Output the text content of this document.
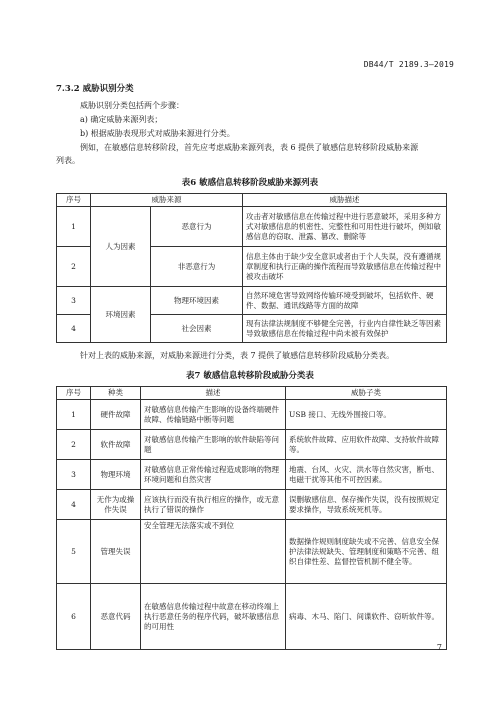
DB44/T 2189.3—2019
7.3.2 威胁识别分类
威胁识别分类包括两个步骤：
a) 确定威胁来源列表；
b) 根据威胁表现形式对威胁来源进行分类。
例如，在敏感信息转移阶段，首先应考虑威胁来源列表，表 6 提供了敏感信息转移阶段威胁来源
列表。
表6 敏感信息转移阶段威胁来源列表
序号	威胁来源		威胁描述
1	人为因素	恶意行为	攻击者对敏感信息在传输过程中进行恶意破坏，采用多种方式对敏感信息的机密性、完整性和可用性进行破坏，例如敏感信息的窃取、泄露、篡改、删除等
2		非恶意行为	信息主体由于缺少安全意识或者由于个人失误，没有遵循规章制度和执行正确的操作流程而导致敏感信息在传输过程中被攻击破坏
3	环境因素	物理环境因素	自然环境危害导致网络传输环境受到破坏，包括软件、硬件、数据、通讯线路等方面的故障
4		社会因素	现有法律法规制度不够健全完善，行业内自律性缺乏等因素导致敏感信息在传输过程中尚未被有效保护
针对上表的威胁来源，对威胁来源进行分类，表 7 提供了敏感信息转移阶段威胁分类表。
表7 敏感信息转移阶段威胁分类表
序号	种类	描述	威胁子类
1	硬件故障	对敏感信息传输产生影响的设备终端硬件故障、传输链路中断等问题	USB 接口、无线外围接口等。
2	软件故障	对敏感信息传输产生影响的软件缺陷等问题	系统软件故障、应用软件故障、支持软件故障等。
3	物理环境	对敏感信息正常传输过程造成影响的物理环境问题和自然灾害	地震、台风、火灾、洪水等自然灾害，断电、电磁干扰等其他不可控因素。
4	无作为或操作失误	应该执行而没有执行相应的操作，或无意执行了错误的操作	误删敏感信息、保存操作失误，没有按照规定要求操作，导致系统死机等。
5	管理失误	安全管理无法落实或不到位	数据操作规则制度缺失或不完善、信息安全保护法律法规缺失、管理制度和策略不完善、组织自律性差、监督控管机制不健全等。
6	恶意代码	在敏感信息传输过程中故意在移动终端上执行恶意任务的程序代码，破坏敏感信息的可用性	病毒、木马、陷门、间谍软件、窃听软件等。
7
